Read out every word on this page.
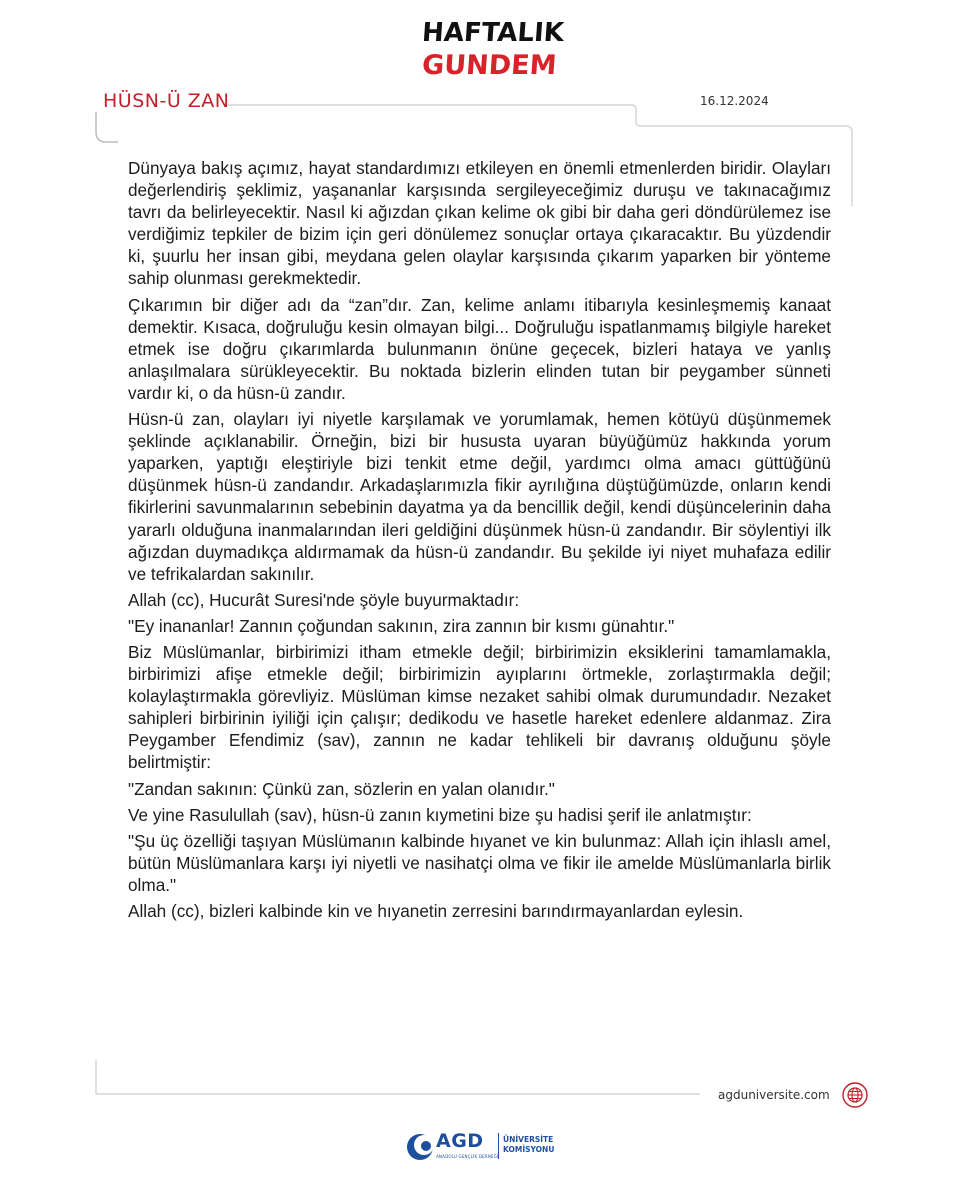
HAFTALIK
GUNDEM
HÜSN-Ü ZAN	16.12.2024

Dünyaya bakış açımız, hayat standardımızı etkileyen en önemli etmenlerden biridir. Olayları değerlendiriş şeklimiz, yaşananlar karşısında sergileyeceğimiz duruşu ve takınacağımız tavrı da belirleyecektir. Nasıl ki ağızdan çıkan kelime ok gibi bir daha geri döndürülemez ise verdiğimiz tepkiler de bizim için geri dönülemez sonuçlar ortaya çıkaracaktır. Bu yüzdendir ki, şuurlu her insan gibi, meydana gelen olaylar karşısında çıkarım yaparken bir yönteme sahip olunması gerekmektedir.

Çıkarımın bir diğer adı da “zan”dır. Zan, kelime anlamı itibarıyla kesinleşmemiş kanaat demektir. Kısaca, doğruluğu kesin olmayan bilgi... Doğruluğu ispatlanmamış bilgiyle hareket etmek ise doğru çıkarımlarda bulunmanın önüne geçecek, bizleri hataya ve yanlış anlaşılmalara sürükleyecektir. Bu noktada bizlerin elinden tutan bir peygamber sünneti vardır ki, o da hüsn-ü zandır.

Hüsn-ü zan, olayları iyi niyetle karşılamak ve yorumlamak, hemen kötüyü düşünmemek şeklinde açıklanabilir. Örneğin, bizi bir hususta uyaran büyüğümüz hakkında yorum yaparken, yaptığı eleştiriyle bizi tenkit etme değil, yardımcı olma amacı güttüğünü düşünmek hüsn-ü zandandır. Arkadaşlarımızla fikir ayrılığına düştüğümüzde, onların kendi fikirlerini savunmalarının sebebinin dayatma ya da bencillik değil, kendi düşüncelerinin daha yararlı olduğuna inanmalarından ileri geldiğini düşünmek hüsn-ü zandandır. Bir söylentiyi ilk ağızdan duymadıkça aldırmamak da hüsn-ü zandandır. Bu şekilde iyi niyet muhafaza edilir ve tefrikalardan sakınılır.

Allah (cc), Hucurât Suresi'nde şöyle buyurmaktadır:

"Ey inananlar! Zannın çoğundan sakının, zira zannın bir kısmı günahtır."

Biz Müslümanlar, birbirimizi itham etmekle değil; birbirimizin eksiklerini tamamlamakla, birbirimizi afişe etmekle değil; birbirimizin ayıplarını örtmekle, zorlaştırmakla değil; kolaylaştırmakla görevliyiz. Müslüman kimse nezaket sahibi olmak durumundadır. Nezaket sahipleri birbirinin iyiliği için çalışır; dedikodu ve hasetle hareket edenlere aldanmaz. Zira Peygamber Efendimiz (sav), zannın ne kadar tehlikeli bir davranış olduğunu şöyle belirtmiştir:

"Zandan sakının: Çünkü zan, sözlerin en yalan olanıdır."

Ve yine Rasulullah (sav), hüsn-ü zanın kıymetini bize şu hadisi şerif ile anlatmıştır:

"Şu üç özelliği taşıyan Müslümanın kalbinde hıyanet ve kin bulunmaz: Allah için ihlaslı amel, bütün Müslümanlara karşı iyi niyetli ve nasihatçi olma ve fikir ile amelde Müslümanlarla birlik olma."

Allah (cc), bizleri kalbinde kin ve hıyanetin zerresini barındırmayanlardan eylesin.

agduniversite.com
AGD
ANADOLU GENÇLİK DERNEĞİ
ÜNİVERSİTE
KOMİSYONU
